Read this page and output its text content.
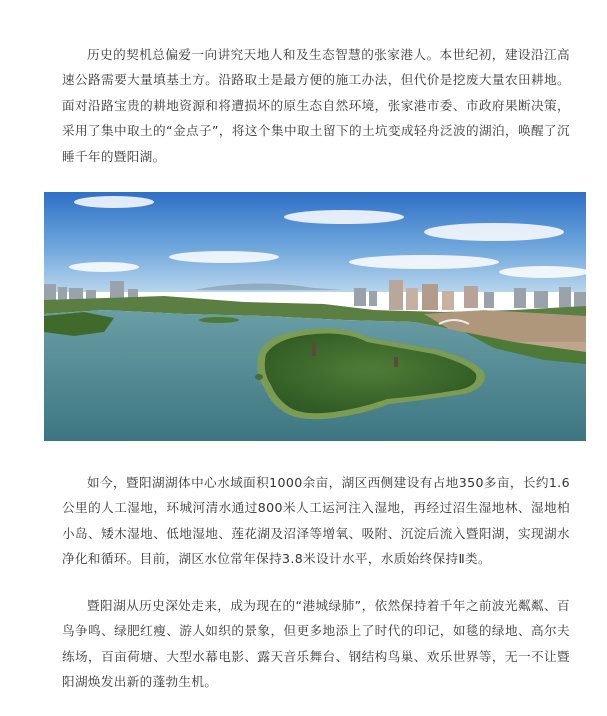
历史的契机总偏爱一向讲究天地人和及生态智慧的张家港人。本世纪初，建设沿江高速公路需要大量填基土方。沿路取土是最方便的施工办法，但代价是挖废大量农田耕地。面对沿路宝贵的耕地资源和将遭损坏的原生态自然环境，张家港市委、市政府果断决策，采用了集中取土的“金点子”，将这个集中取土留下的土坑变成轻舟泛波的湖泊，唤醒了沉睡千年的暨阳湖。

如今，暨阳湖湖体中心水域面积1000余亩，湖区西侧建设有占地350多亩，长约1.6公里的人工湿地，环城河清水通过800米人工运河注入湿地，再经过沼生湿地林、湿地柏小岛、矮木湿地、低地湿地、莲花湖及沼泽等增氧、吸附、沉淀后流入暨阳湖，实现湖水净化和循环。目前，湖区水位常年保持3.8米设计水平，水质始终保持Ⅱ类。

暨阳湖从历史深处走来，成为现在的“港城绿肺”，依然保持着千年之前波光粼粼、百鸟争鸣、绿肥红瘦、游人如织的景象，但更多地添上了时代的印记，如毯的绿地、高尔夫练场，百亩荷塘、大型水幕电影、露天音乐舞台、钢结构鸟巢、欢乐世界等，无一不让暨阳湖焕发出新的蓬勃生机。
